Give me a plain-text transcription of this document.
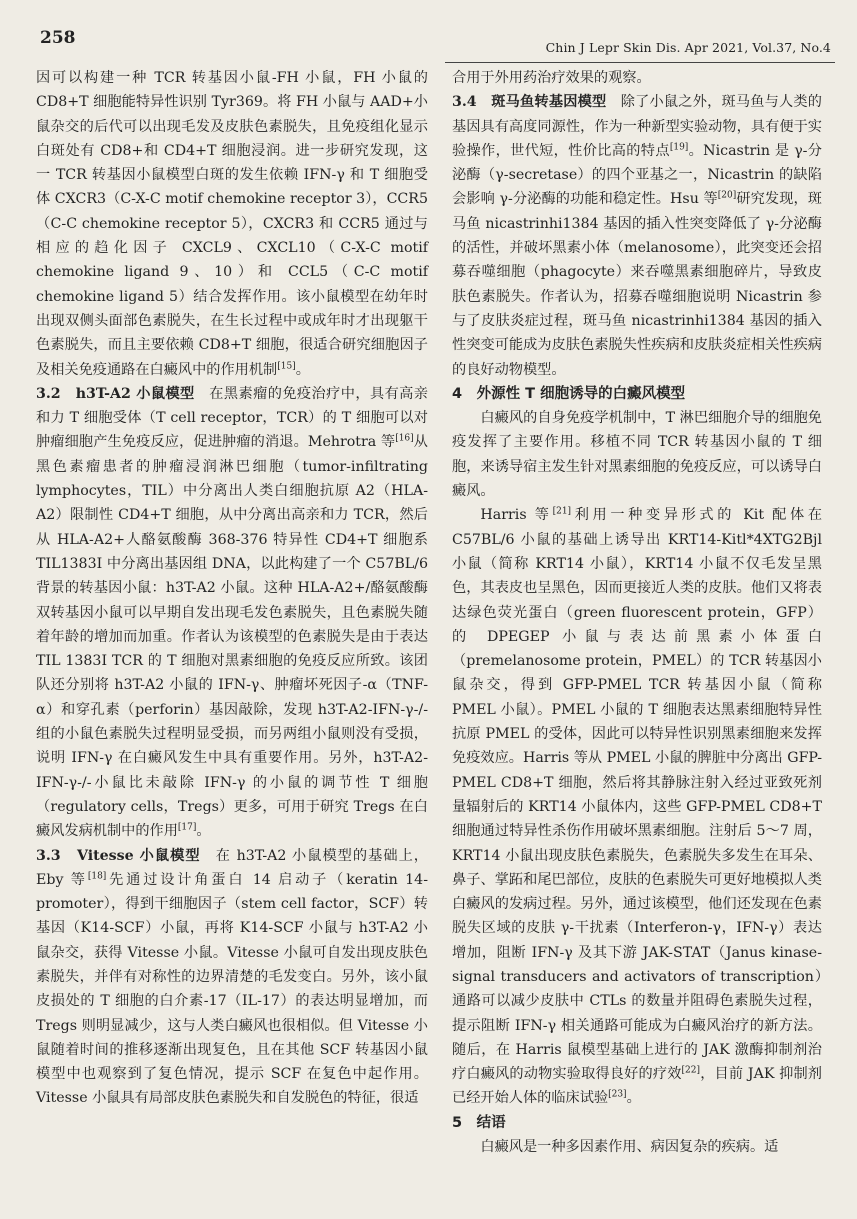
258	Chin J Lepr Skin Dis. Apr 2021, Vol.37, No.4

因可以构建一种 TCR 转基因小鼠-FH 小鼠，FH 小鼠的 CD8+T 细胞能特异性识别 Tyr369。将 FH 小鼠与 AAD+小鼠杂交的后代可以出现毛发及皮肤色素脱失，且免疫组化显示白斑处有 CD8+和 CD4+T 细胞浸润。进一步研究发现，这一 TCR 转基因小鼠模型白斑的发生依赖 IFN-γ 和 T 细胞受体 CXCR3（C-X-C motif chemokine receptor 3），CCR5（C-C chemokine receptor 5），CXCR3 和 CCR5 通过与相应的趋化因子 CXCL9、CXCL10（C-X-C motif chemokine ligand 9、10）和 CCL5（C-C motif chemokine ligand 5）结合发挥作用。该小鼠模型在幼年时出现双侧头面部色素脱失，在生长过程中或成年时才出现躯干色素脱失，而且主要依赖 CD8+T 细胞，很适合研究细胞因子及相关免疫通路在白癜风中的作用机制[15]。

3.2　h3T-A2 小鼠模型　在黑素瘤的免疫治疗中，具有高亲和力 T 细胞受体（T cell receptor，TCR）的 T 细胞可以对肿瘤细胞产生免疫反应，促进肿瘤的消退。Mehrotra 等[16]从黑色素瘤患者的肿瘤浸润淋巴细胞（tumor-infiltrating lymphocytes，TIL）中分离出人类白细胞抗原 A2（HLA-A2）限制性 CD4+T 细胞，从中分离出高亲和力 TCR，然后从 HLA-A2+人酪氨酸酶 368-376 特异性 CD4+T 细胞系 TIL1383I 中分离出基因组 DNA，以此构建了一个 C57BL/6 背景的转基因小鼠：h3T-A2 小鼠。这种 HLA-A2+/酪氨酸酶双转基因小鼠可以早期自发出现毛发色素脱失，且色素脱失随着年龄的增加而加重。作者认为该模型的色素脱失是由于表达 TIL 1383I TCR 的 T 细胞对黑素细胞的免疫反应所致。该团队还分别将 h3T-A2 小鼠的 IFN-γ、肿瘤坏死因子-α（TNF-α）和穿孔素（perforin）基因敲除，发现 h3T-A2-IFN-γ-/-组的小鼠色素脱失过程明显受损，而另两组小鼠则没有受损，说明 IFN-γ 在白癜风发生中具有重要作用。另外，h3T-A2-IFN-γ-/-小鼠比未敲除 IFN-γ 的小鼠的调节性 T 细胞（regulatory cells，Tregs）更多，可用于研究 Tregs 在白癜风发病机制中的作用[17]。

3.3　Vitesse 小鼠模型　在 h3T-A2 小鼠模型的基础上，Eby 等[18]先通过设计角蛋白 14 启动子（keratin 14-promoter），得到干细胞因子（stem cell factor，SCF）转基因（K14-SCF）小鼠，再将 K14-SCF 小鼠与 h3T-A2 小鼠杂交，获得 Vitesse 小鼠。Vitesse 小鼠可自发出现皮肤色素脱失，并伴有对称性的边界清楚的毛发变白。另外，该小鼠皮损处的 T 细胞的白介素-17（IL-17）的表达明显增加，而 Tregs 则明显减少，这与人类白癜风也很相似。但 Vitesse 小鼠随着时间的推移逐渐出现复色，且在其他 SCF 转基因小鼠模型中也观察到了复色情况，提示 SCF 在复色中起作用。Vitesse 小鼠具有局部皮肤色素脱失和自发脱色的特征，很适

合用于外用药治疗效果的观察。

3.4　斑马鱼转基因模型　除了小鼠之外，斑马鱼与人类的基因具有高度同源性，作为一种新型实验动物，具有便于实验操作，世代短，性价比高的特点[19]。Nicastrin 是 γ-分泌酶（γ-secretase）的四个亚基之一，Nicastrin 的缺陷会影响 γ-分泌酶的功能和稳定性。Hsu 等[20]研究发现，斑马鱼 nicastrinhi1384 基因的插入性突变降低了 γ-分泌酶的活性，并破坏黑素小体（melanosome），此突变还会招募吞噬细胞（phagocyte）来吞噬黑素细胞碎片，导致皮肤色素脱失。作者认为，招募吞噬细胞说明 Nicastrin 参与了皮肤炎症过程，斑马鱼 nicastrinhi1384 基因的插入性突变可能成为皮肤色素脱失性疾病和皮肤炎症相关性疾病的良好动物模型。

4　外源性 T 细胞诱导的白癜风模型

白癜风的自身免疫学机制中，T 淋巴细胞介导的细胞免疫发挥了主要作用。移植不同 TCR 转基因小鼠的 T 细胞，来诱导宿主发生针对黑素细胞的免疫反应，可以诱导白癜风。

Harris 等[21]利用一种变异形式的 Kit 配体在 C57BL/6 小鼠的基础上诱导出 KRT14-Kitl*4XTG2Bjl 小鼠（简称 KRT14 小鼠），KRT14 小鼠不仅毛发呈黑色，其表皮也呈黑色，因而更接近人类的皮肤。他们又将表达绿色荧光蛋白（green fluorescent protein，GFP）的 DPEGEP 小鼠与表达前黑素小体蛋白（premelanosome protein，PMEL）的 TCR 转基因小鼠杂交，得到 GFP-PMEL TCR 转基因小鼠（简称 PMEL 小鼠）。PMEL 小鼠的 T 细胞表达黑素细胞特异性抗原 PMEL 的受体，因此可以特异性识别黑素细胞来发挥免疫效应。Harris 等从 PMEL 小鼠的脾脏中分离出 GFP-PMEL CD8+T 细胞，然后将其静脉注射入经过亚致死剂量辐射后的 KRT14 小鼠体内，这些 GFP-PMEL CD8+T 细胞通过特异性杀伤作用破坏黑素细胞。注射后 5～7 周，KRT14 小鼠出现皮肤色素脱失，色素脱失多发生在耳朵、鼻子、掌跖和尾巴部位，皮肤的色素脱失可更好地模拟人类白癜风的发病过程。另外，通过该模型，他们还发现在色素脱失区域的皮肤 γ-干扰素（Interferon-γ，IFN-γ）表达增加，阻断 IFN-γ 及其下游 JAK-STAT（Janus kinase-signal transducers and activators of transcription）通路可以减少皮肤中 CTLs 的数量并阻碍色素脱失过程，提示阻断 IFN-γ 相关通路可能成为白癜风治疗的新方法。随后，在 Harris 鼠模型基础上进行的 JAK 激酶抑制剂治疗白癜风的动物实验取得良好的疗效[22]，目前 JAK 抑制剂已经开始人体的临床试验[23]。

5　结语

白癜风是一种多因素作用、病因复杂的疾病。适
